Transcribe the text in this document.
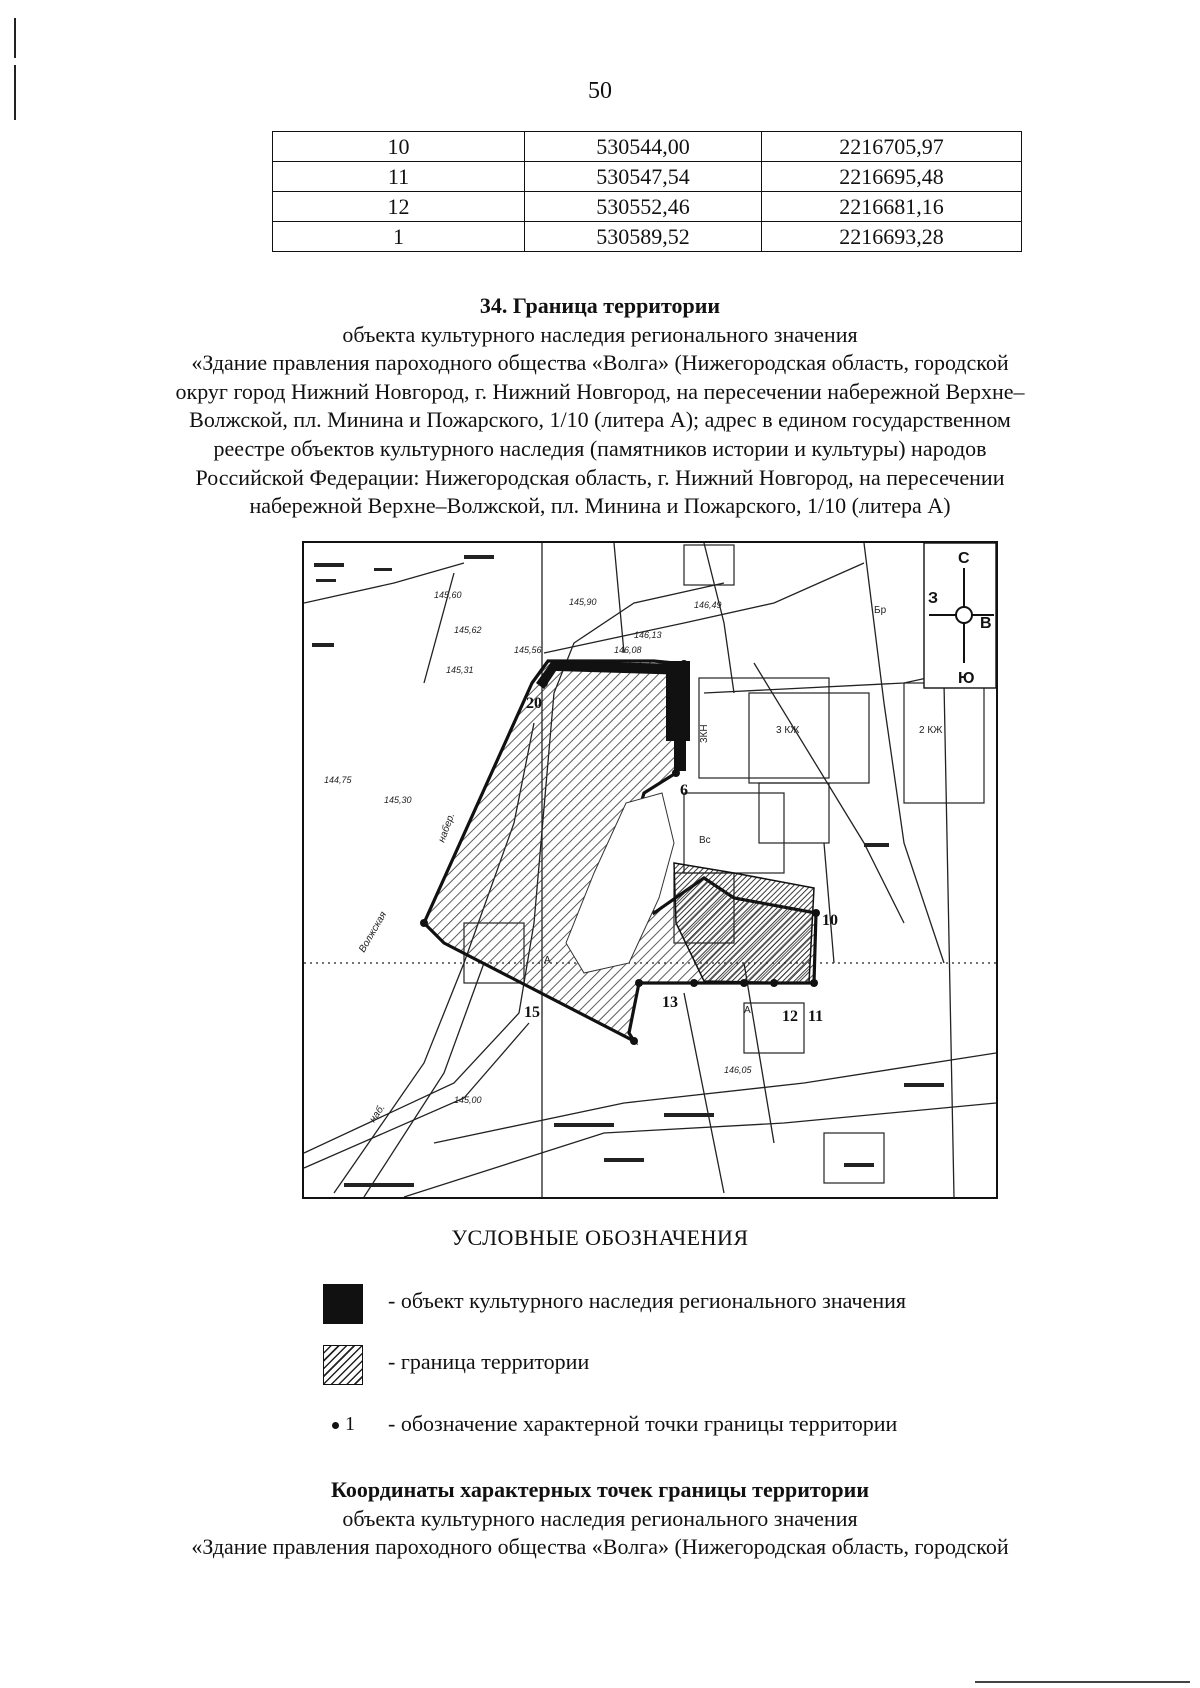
50
10	530544,00	2216705,97
11	530547,54	2216695,48
12	530552,46	2216681,16
1	530589,52	2216693,28
34. Граница территории
объекта культурного наследия регионального значения
«Здание правления пароходного общества «Волга» (Нижегородская область, городской
округ город Нижний Новгород, г. Нижний Новгород, на пересечении набережной Верхне–
Волжской, пл. Минина и Пожарского, 1/10 (литера А); адрес в едином государственном
реестре объектов культурного наследия (памятников истории и культуры) народов
Российской Федерации: Нижегородская область, г. Нижний Новгород, на пересечении
набережной Верхне–Волжской, пл. Минина и Пожарского, 1/10 (литера А)
20
6
13
15	12 11
10
145,62
145,30
145,31
145,60
145,90	146,49
145,56
146,13
146,08
145,00
146,05
144,75
Волжская
набер.
наб.
3 КЖ
3КН	2 КЖ
А
А
Вс
Бр
С
Ю
З
В
УСЛОВНЫЕ ОБОЗНАЧЕНИЯ
- объект культурного наследия регионального значения
- граница территории
1 - обозначение характерной точки границы территории
Координаты характерных точек границы территории
объекта культурного наследия регионального значения
«Здание правления пароходного общества «Волга» (Нижегородская область, городской
